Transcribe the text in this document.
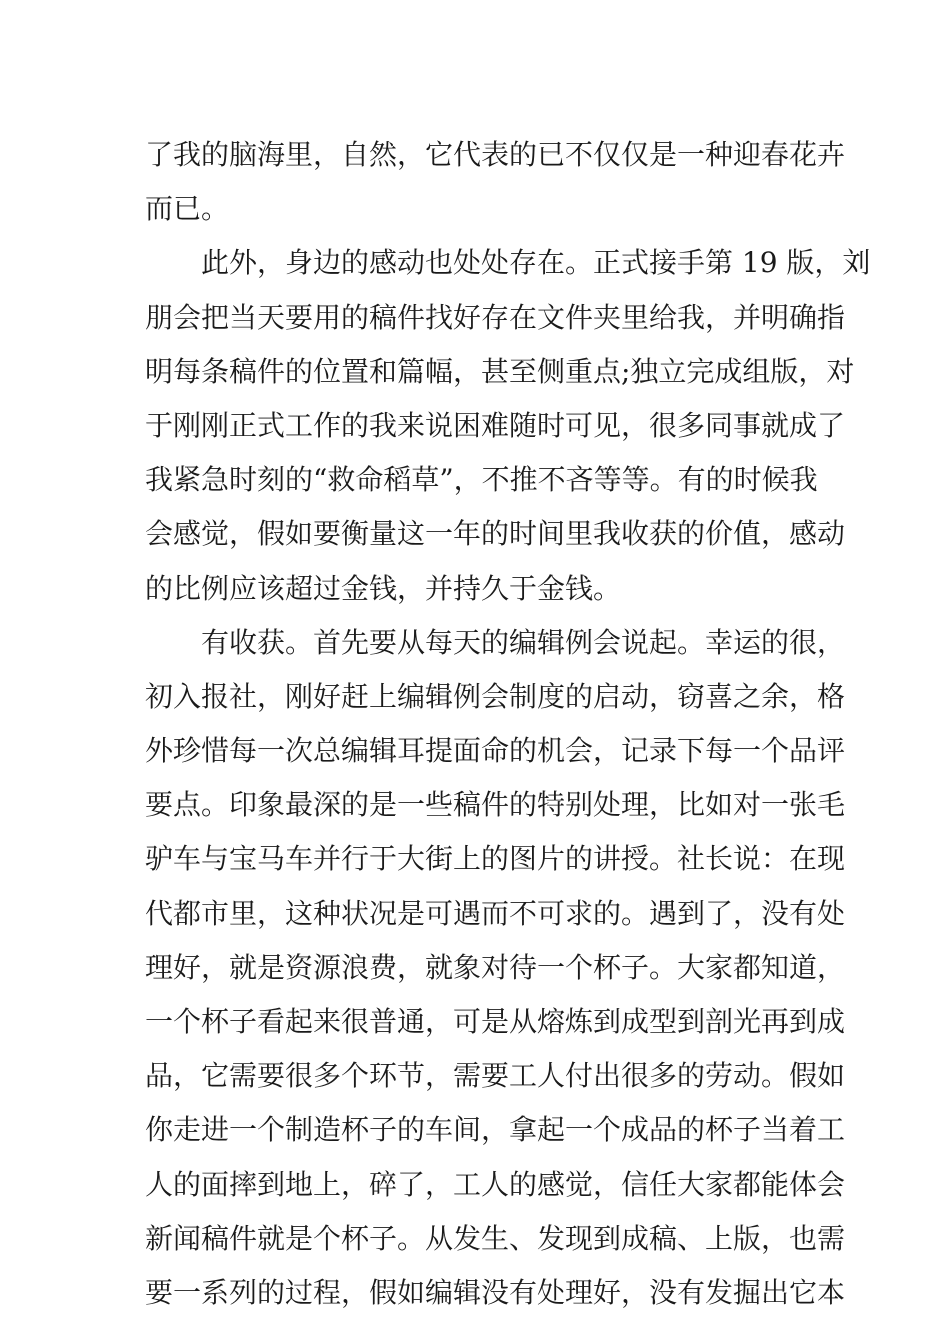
了我的脑海里，自然，它代表的已不仅仅是一种迎春花卉
而已。
此外，身边的感动也处处存在。正式接手第 19 版，刘
朋会把当天要用的稿件找好存在文件夹里给我，并明确指
明每条稿件的位置和篇幅，甚至侧重点;独立完成组版，对
于刚刚正式工作的我来说困难随时可见，很多同事就成了
我紧急时刻的“救命稻草”，不推不吝等等。有的时候我
会感觉，假如要衡量这一年的时间里我收获的价值，感动
的比例应该超过金钱，并持久于金钱。
有收获。首先要从每天的编辑例会说起。幸运的很，
初入报社，刚好赶上编辑例会制度的启动，窃喜之余，格
外珍惜每一次总编辑耳提面命的机会，记录下每一个品评
要点。印象最深的是一些稿件的特别处理，比如对一张毛
驴车与宝马车并行于大街上的图片的讲授。社长说：在现
代都市里，这种状况是可遇而不可求的。遇到了，没有处
理好，就是资源浪费，就象对待一个杯子。大家都知道，
一个杯子看起来很普通，可是从熔炼到成型到剖光再到成
品，它需要很多个环节，需要工人付出很多的劳动。假如
你走进一个制造杯子的车间，拿起一个成品的杯子当着工
人的面摔到地上，碎了，工人的感觉，信任大家都能体会
新闻稿件就是个杯子。从发生、发现到成稿、上版，也需
要一系列的过程，假如编辑没有处理好，没有发掘出它本
